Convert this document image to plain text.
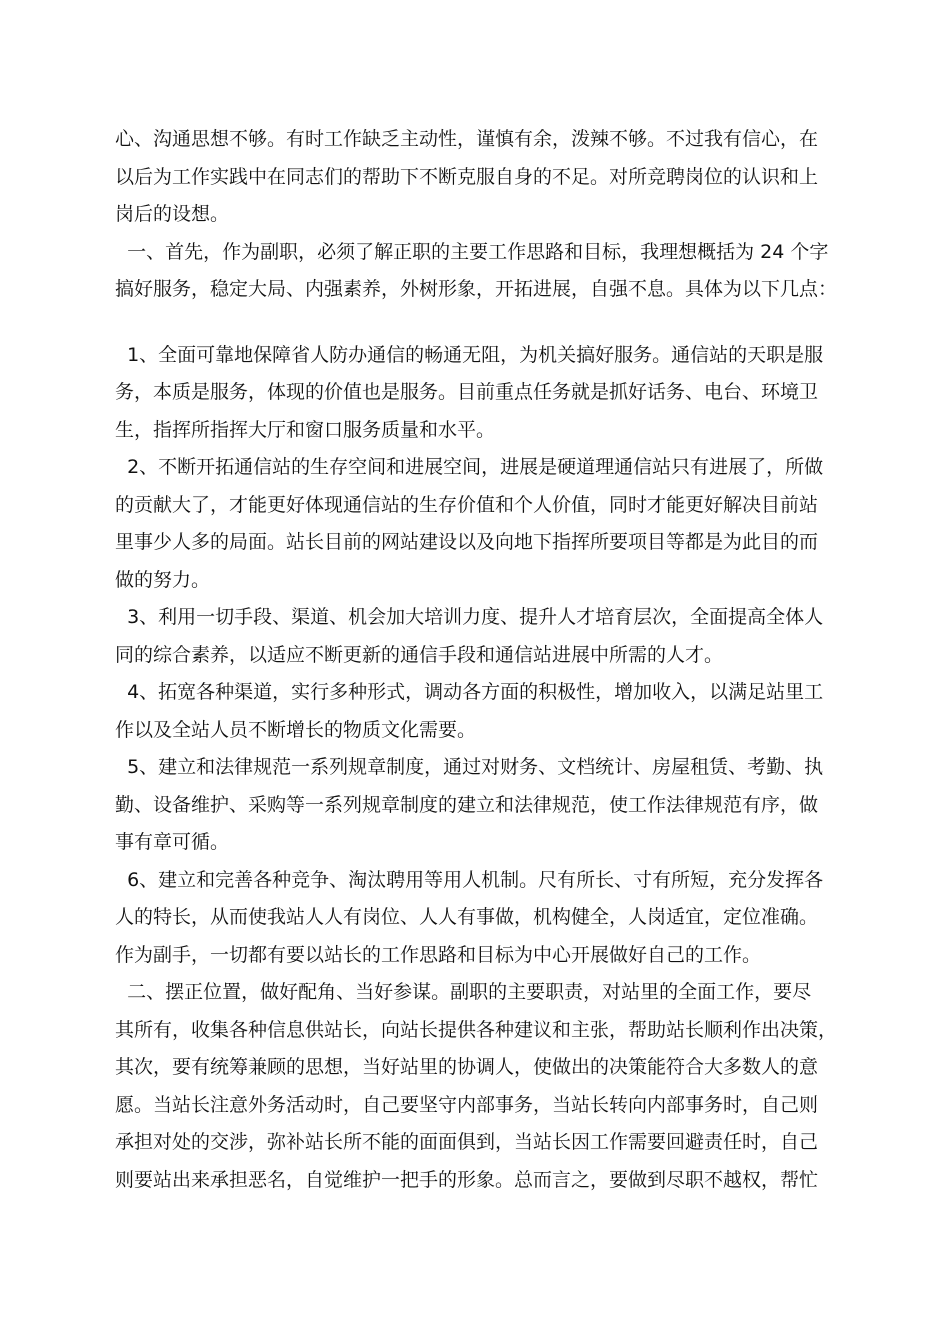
心、沟通思想不够。有时工作缺乏主动性，谨慎有余，泼辣不够。不过我有信心，在
以后为工作实践中在同志们的帮助下不断克服自身的不足。对所竞聘岗位的认识和上
岗后的设想。
一、首先，作为副职，必须了解正职的主要工作思路和目标，我理想概括为 24 个字
搞好服务，稳定大局、内强素养，外树形象，开拓进展，自强不息。具体为以下几点：
1、全面可靠地保障省人防办通信的畅通无阻，为机关搞好服务。通信站的天职是服
务，本质是服务，体现的价值也是服务。目前重点任务就是抓好话务、电台、环境卫
生，指挥所指挥大厅和窗口服务质量和水平。
2、不断开拓通信站的生存空间和进展空间，进展是硬道理通信站只有进展了，所做
的贡献大了，才能更好体现通信站的生存价值和个人价值，同时才能更好解决目前站
里事少人多的局面。站长目前的网站建设以及向地下指挥所要项目等都是为此目的而
做的努力。
3、利用一切手段、渠道、机会加大培训力度、提升人才培育层次，全面提高全体人
同的综合素养，以适应不断更新的通信手段和通信站进展中所需的人才。
4、拓宽各种渠道，实行多种形式，调动各方面的积极性，增加收入，以满足站里工
作以及全站人员不断增长的物质文化需要。
5、建立和法律规范一系列规章制度，通过对财务、文档统计、房屋租赁、考勤、执
勤、设备维护、采购等一系列规章制度的建立和法律规范，使工作法律规范有序，做
事有章可循。
6、建立和完善各种竞争、淘汰聘用等用人机制。尺有所长、寸有所短，充分发挥各
人的特长，从而使我站人人有岗位、人人有事做，机构健全，人岗适宜，定位准确。
作为副手，一切都有要以站长的工作思路和目标为中心开展做好自己的工作。
二、摆正位置，做好配角、当好参谋。副职的主要职责，对站里的全面工作，要尽
其所有，收集各种信息供站长，向站长提供各种建议和主张，帮助站长顺利作出决策，
其次，要有统筹兼顾的思想，当好站里的协调人，使做出的决策能符合大多数人的意
愿。当站长注意外务活动时，自己要坚守内部事务，当站长转向内部事务时，自己则
承担对处的交涉，弥补站长所不能的面面俱到，当站长因工作需要回避责任时，自己
则要站出来承担恶名，自觉维护一把手的形象。总而言之，要做到尽职不越权，帮忙
